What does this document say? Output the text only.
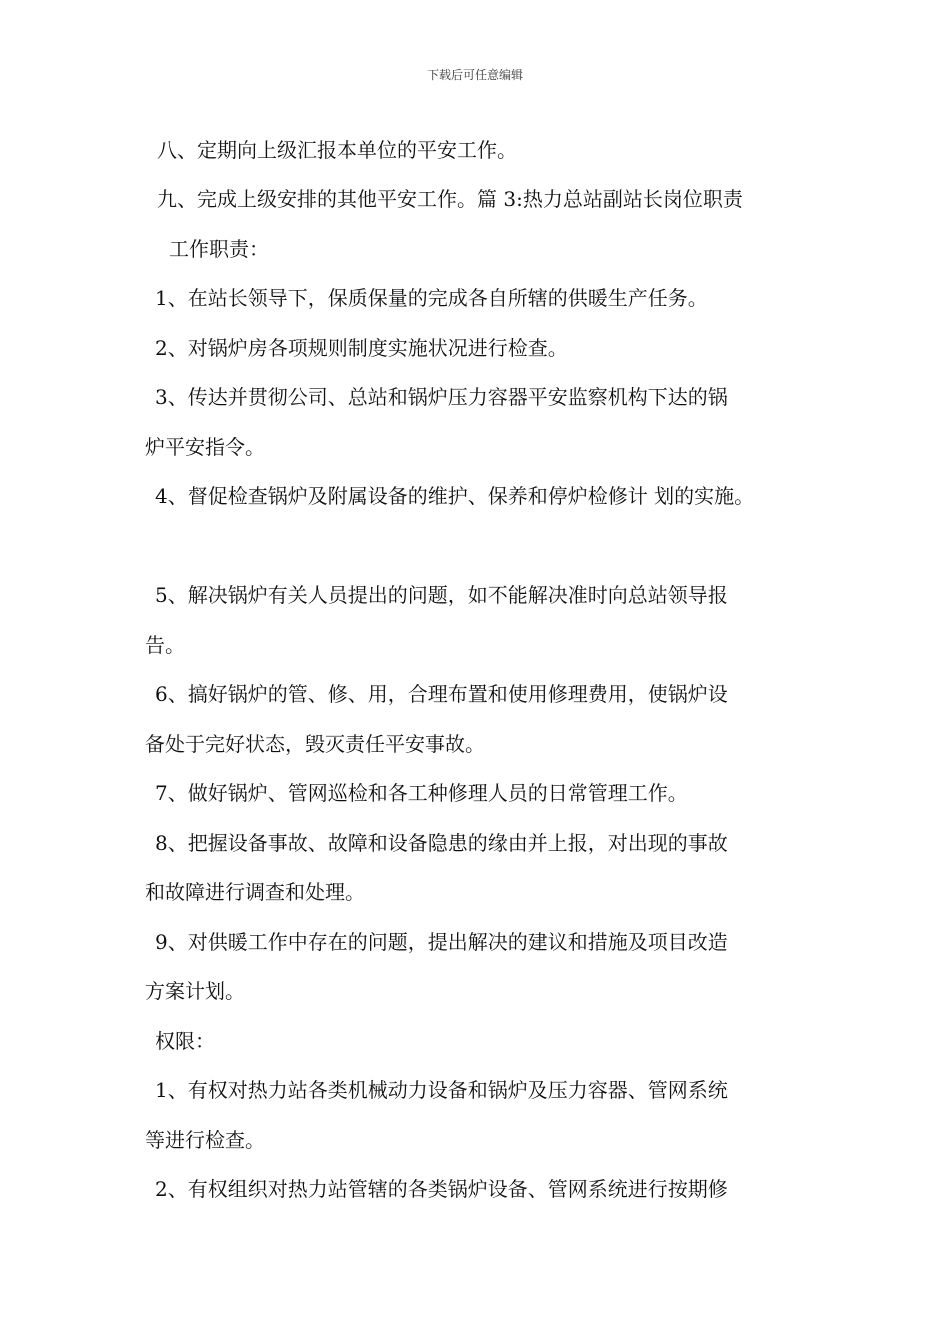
下载后可任意编辑
八、定期向上级汇报本单位的平安工作。
九、完成上级安排的其他平安工作。篇 3:热力总站副站长岗位职责
工作职责：
1、在站长领导下，保质保量的完成各自所辖的供暖生产任务。
2、对锅炉房各项规则制度实施状况进行检查。
3、传达并贯彻公司、总站和锅炉压力容器平安监察机构下达的锅
炉平安指令。
4、督促检查锅炉及附属设备的维护、保养和停炉检修计 划的实施。
5、解决锅炉有关人员提出的问题，如不能解决准时向总站领导报
告。
6、搞好锅炉的管、修、用，合理布置和使用修理费用，使锅炉设
备处于完好状态，毁灭责任平安事故。
7、做好锅炉、管网巡检和各工种修理人员的日常管理工作。
8、把握设备事故、故障和设备隐患的缘由并上报，对出现的事故
和故障进行调查和处理。
9、对供暖工作中存在的问题，提出解决的建议和措施及项目改造
方案计划。
权限：
1、有权对热力站各类机械动力设备和锅炉及压力容器、管网系统
等进行检查。
2、有权组织对热力站管辖的各类锅炉设备、管网系统进行按期修
